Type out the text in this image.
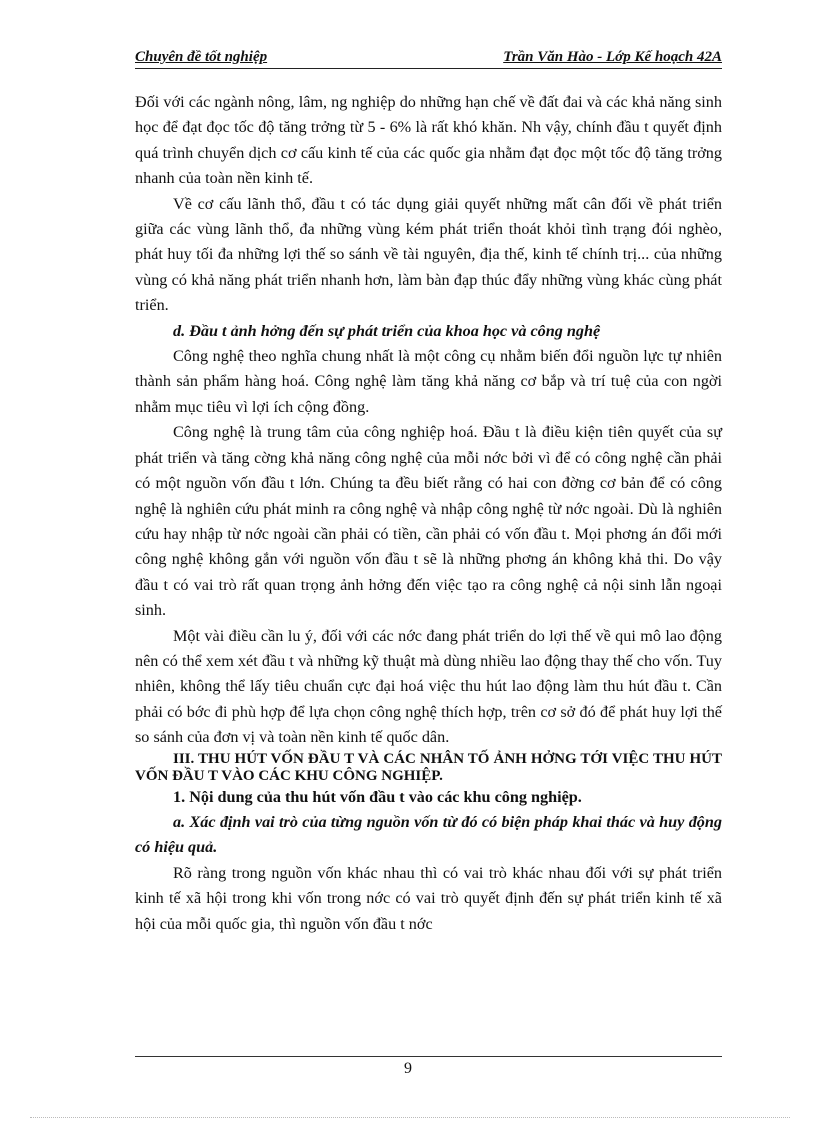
Chuyên đề tốt nghiệp	Trần Văn Hào - Lớp Kế hoạch 42A

Đối với các ngành nông, lâm, ng nghiệp do những hạn chế về đất đai và các khả năng sinh học để đạt đọc tốc độ tăng trởng từ 5 - 6% là rất khó khăn. Nh vậy, chính đầu t quyết định quá trình chuyển dịch cơ cấu kinh tế của các quốc gia nhằm đạt đọc một tốc độ tăng trởng nhanh của toàn nền kinh tế.

Về cơ cấu lãnh thổ, đầu t có tác dụng giải quyết những mất cân đối về phát triển giữa các vùng lãnh thổ, đa những vùng kém phát triển thoát khỏi tình trạng đói nghèo, phát huy tối đa những lợi thế so sánh về tài nguyên, địa thế, kinh tế chính trị... của những vùng có khả năng phát triển nhanh hơn, làm bàn đạp thúc đẩy những vùng khác cùng phát triển.

d. Đầu t ảnh hởng đến sự phát triển của khoa học và công nghệ

Công nghệ theo nghĩa chung nhất là một công cụ nhằm biến đổi nguồn lực tự nhiên thành sản phẩm hàng hoá. Công nghệ làm tăng khả năng cơ bắp và trí tuệ của con ngời nhằm mục tiêu vì lợi ích cộng đồng.

Công nghệ là trung tâm của công nghiệp hoá. Đầu t là điều kiện tiên quyết của sự phát triển và tăng cờng khả năng công nghệ của mỗi nớc bởi vì để có công nghệ cần phải có một nguồn vốn đầu t lớn. Chúng ta đều biết rằng có hai con đờng cơ bản để có công nghệ là nghiên cứu phát minh ra công nghệ và nhập công nghệ từ nớc ngoài. Dù là nghiên cứu hay nhập từ nớc ngoài cần phải có tiền, cần phải có vốn đầu t. Mọi phơng án đổi mới công nghệ không gắn với nguồn vốn đầu t sẽ là những phơng án không khả thi. Do vậy đầu t có vai trò rất quan trọng ảnh hởng đến việc tạo ra công nghệ cả nội sinh lẫn ngoại sinh.

Một vài điều cần lu ý, đối với các nớc đang phát triển do lợi thế về qui mô lao động nên có thể xem xét đầu t và những kỹ thuật mà dùng nhiều lao động thay thế cho vốn. Tuy nhiên, không thể lấy tiêu chuẩn cực đại hoá việc thu hút lao động làm thu hút đầu t. Cần phải có bớc đi phù hợp để lựa chọn công nghệ thích hợp, trên cơ sở đó để phát huy lợi thế so sánh của đơn vị và toàn nền kinh tế quốc dân.

III. THU HÚT VỐN ĐẦU T VÀ CÁC NHÂN TỐ ẢNH HỞNG TỚI VIỆC THU HÚT VỐN ĐẦU T VÀO CÁC KHU CÔNG NGHIỆP.

1. Nội dung của thu hút vốn đầu t vào các khu công nghiệp.

a. Xác định vai trò của từng nguồn vốn từ đó có biện pháp khai thác và huy động có hiệu quả.

Rõ ràng trong nguồn vốn khác nhau thì có vai trò khác nhau đối với sự phát triển kinh tế xã hội trong khi vốn trong nớc có vai trò quyết định đến sự phát triển kinh tế xã hội của mỗi quốc gia, thì nguồn vốn đầu t nớc

9
